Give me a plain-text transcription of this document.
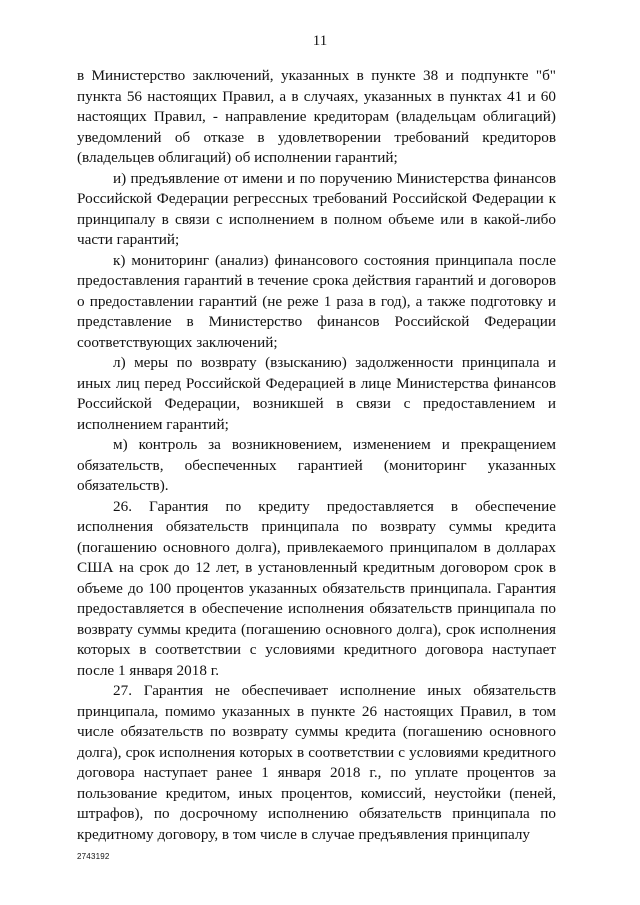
11

в Министерство заключений, указанных в пункте 38 и подпункте "б" пункта 56 настоящих Правил, а в случаях, указанных в пунктах 41 и 60 настоящих Правил, - направление кредиторам (владельцам облигаций) уведомлений об отказе в удовлетворении требований кредиторов (владельцев облигаций) об исполнении гарантий;

и) предъявление от имени и по поручению Министерства финансов Российской Федерации регрессных требований Российской Федерации к принципалу в связи с исполнением в полном объеме или в какой-либо части гарантий;

к) мониторинг (анализ) финансового состояния принципала после предоставления гарантий в течение срока действия гарантий и договоров о предоставлении гарантий (не реже 1 раза в год), а также подготовку и представление в Министерство финансов Российской Федерации соответствующих заключений;

л) меры по возврату (взысканию) задолженности принципала и иных лиц перед Российской Федерацией в лице Министерства финансов Российской Федерации, возникшей в связи с предоставлением и исполнением гарантий;

м) контроль за возникновением, изменением и прекращением обязательств, обеспеченных гарантией (мониторинг указанных обязательств).

26. Гарантия по кредиту предоставляется в обеспечение исполнения обязательств принципала по возврату суммы кредита (погашению основного долга), привлекаемого принципалом в долларах США на срок до 12 лет, в установленный кредитным договором срок в объеме до 100 процентов указанных обязательств принципала. Гарантия предоставляется в обеспечение исполнения обязательств принципала по возврату суммы кредита (погашению основного долга), срок исполнения которых в соответствии с условиями кредитного договора наступает после 1 января 2018 г.

27. Гарантия не обеспечивает исполнение иных обязательств принципала, помимо указанных в пункте 26 настоящих Правил, в том числе обязательств по возврату суммы кредита (погашению основного долга), срок исполнения которых в соответствии с условиями кредитного договора наступает ранее 1 января 2018 г., по уплате процентов за пользование кредитом, иных процентов, комиссий, неустойки (пеней, штрафов), по досрочному исполнению обязательств принципала по кредитному договору, в том числе в случае предъявления принципалу

2743192
